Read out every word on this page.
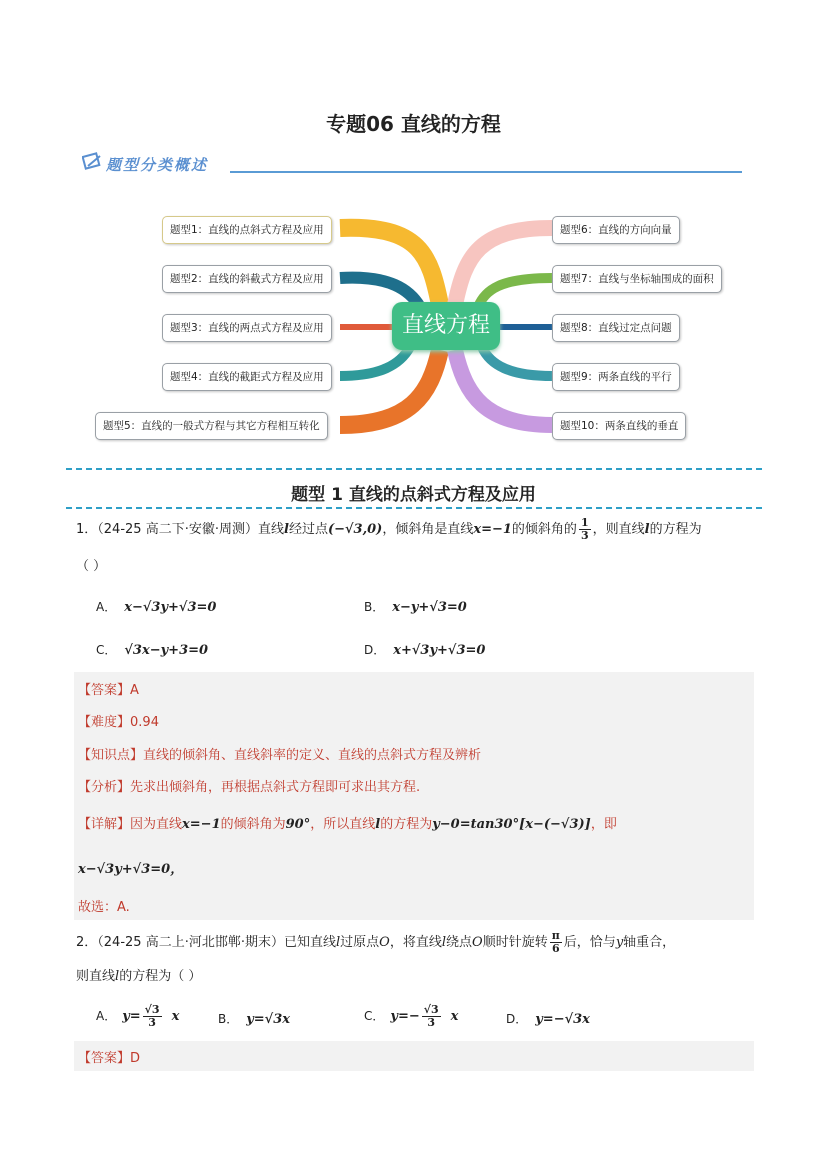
专题06 直线的方程
题型分类概述
题型1：直线的点斜式方程及应用
题型2：直线的斜截式方程及应用
题型3：直线的两点式方程及应用
题型4：直线的截距式方程及应用
题型5：直线的一般式方程与其它方程相互转化
题型6：直线的方向向量
题型7：直线与坐标轴围成的面积
题型8：直线过定点问题
题型9：两条直线的平行
题型10：两条直线的垂直
直线方程
题型 1 直线的点斜式方程及应用
1．（24-25 高二下·安徽·周测）直线l经过点(−√3,0)，倾斜角是直线x=−1的倾斜角的 $\frac{1}{3}$ ，则直线l的方程为
（ ）
A． x−√3y+√3=0	B． x−y+√3=0
C． √3x−y+3=0	D． x+√3y+√3=0
【答案】A
【难度】0.94
【知识点】直线的倾斜角、直线斜率的定义、直线的点斜式方程及辨析
【分析】先求出倾斜角，再根据点斜式方程即可求出其方程.
【详解】因为直线x=−1的倾斜角为90°，所以直线l的方程为y−0=tan30°[x−(−√3)]，即
x−√3y+√3=0，
故选：A.
2．（24-25 高二上·河北邯郸·期末）已知直线l过原点O，将直线l绕点O顺时针旋转 $\frac{\pi}{6}$ 后，恰与y轴重合，
则直线l的方程为（ ）
A． $y= \frac{√3}{3}$ x	B． y=√3x	C． $y=- \frac{√3}{3}$ x	D． y=−√3x
【答案】D
